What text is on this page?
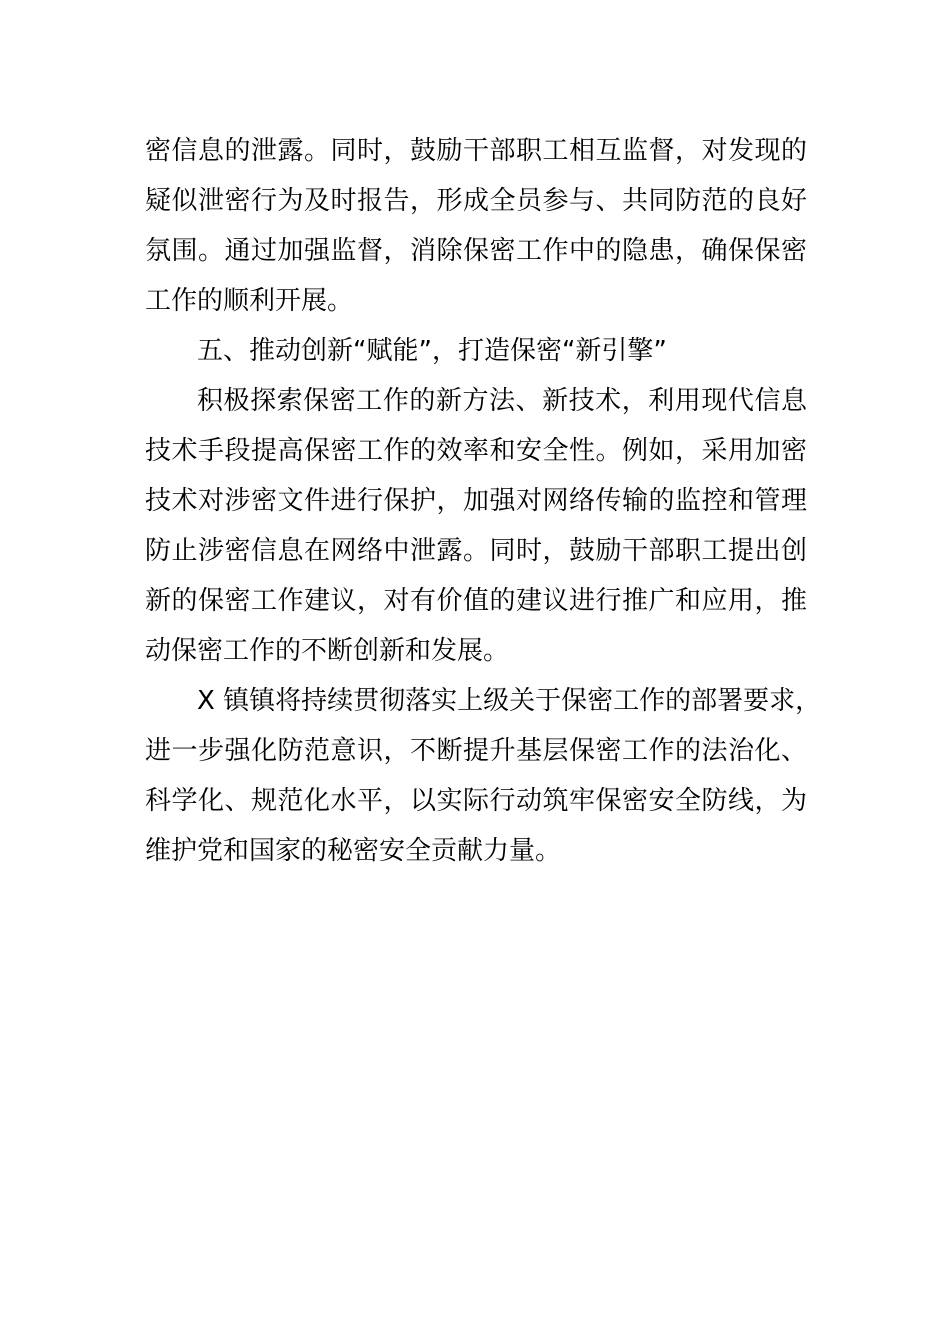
密信息的泄露。同时，鼓励干部职工相互监督，对发现的
疑似泄密行为及时报告，形成全员参与、共同防范的良好
氛围。通过加强监督，消除保密工作中的隐患，确保保密
工作的顺利开展。
五、推动创新“赋能”，打造保密“新引擎”
积极探索保密工作的新方法、新技术，利用现代信息
技术手段提高保密工作的效率和安全性。例如，采用加密
技术对涉密文件进行保护，加强对网络传输的监控和管理
防止涉密信息在网络中泄露。同时，鼓励干部职工提出创
新的保密工作建议，对有价值的建议进行推广和应用，推
动保密工作的不断创新和发展。
X 镇镇将持续贯彻落实上级关于保密工作的部署要求，
进一步强化防范意识，不断提升基层保密工作的法治化、
科学化、规范化水平，以实际行动筑牢保密安全防线，为
维护党和国家的秘密安全贡献力量。
